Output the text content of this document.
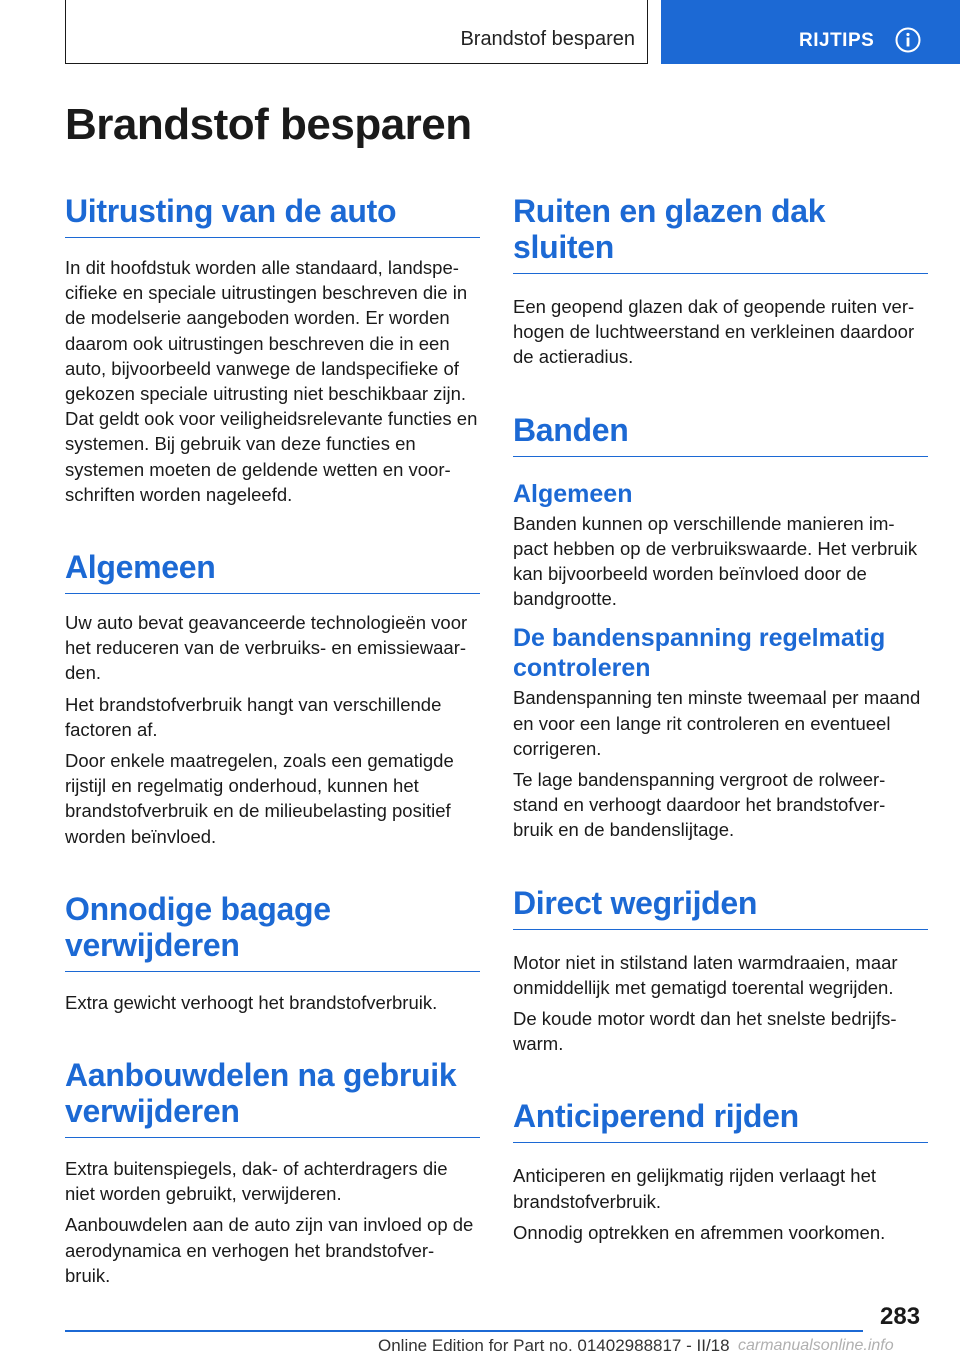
Brandstof besparen	RIJTIPS
Brandstof besparen
Uitrusting van de auto

In dit hoofdstuk worden alle standaard, landspe‐ cifieke en speciale uitrustingen beschreven die in de modelserie aangeboden worden. Er worden daarom ook uitrustingen beschreven die in een auto, bijvoorbeeld vanwege de landspecifieke of gekozen speciale uitrusting niet beschikbaar zijn. Dat geldt ook voor veiligheidsrelevante functies en systemen. Bij gebruik van deze functies en systemen moeten de geldende wetten en voor‐ schriften worden nageleefd.

Algemeen

Uw auto bevat geavanceerde technologieën voor het reduceren van de verbruiks- en emissiewaar‐ den.

Het brandstofverbruik hangt van verschillende factoren af.

Door enkele maatregelen, zoals een gematigde rijstijl en regelmatig onderhoud, kunnen het brandstofverbruik en de milieubelasting positief worden beïnvloed.

Onnodige bagage verwijderen

Extra gewicht verhoogt het brandstofverbruik.

Aanbouwdelen na gebruik verwijderen

Extra buitenspiegels, dak- of achterdragers die niet worden gebruikt, verwijderen.

Aanbouwdelen aan de auto zijn van invloed op de aerodynamica en verhogen het brandstofver‐ bruik.

Ruiten en glazen dak sluiten

Een geopend glazen dak of geopende ruiten ver‐ hogen de luchtweerstand en verkleinen daardoor de actieradius.

Banden
Algemeen

Banden kunnen op verschillende manieren im‐ pact hebben op de verbruikswaarde. Het verbruik kan bijvoorbeeld worden beïnvloed door de bandgrootte.

De bandenspanning regelmatig controleren

Bandenspanning ten minste tweemaal per maand en voor een lange rit controleren en eventueel corrigeren.

Te lage bandenspanning vergroot de rolweer‐ stand en verhoogt daardoor het brandstofver‐ bruik en de bandenslijtage.

Direct wegrijden

Motor niet in stilstand laten warmdraaien, maar onmiddellijk met gematigd toerental wegrijden.

De koude motor wordt dan het snelste bedrijfs‐ warm.

Anticiperend rijden

Anticiperen en gelijkmatig rijden verlaagt het brandstofverbruik.

Onnodig optrekken en afremmen voorkomen.

283
Online Edition for Part no. 01402988817 - II/18 carmanualsonline.info
